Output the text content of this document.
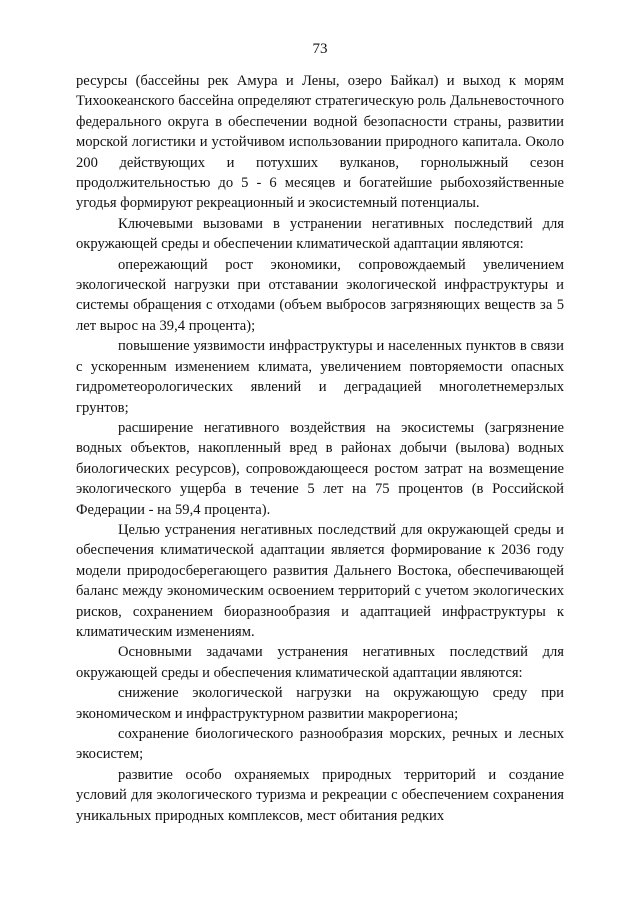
73

ресурсы (бассейны рек Амура и Лены, озеро Байкал) и выход к морям Тихоокеанского бассейна определяют стратегическую роль Дальневосточного федерального округа в обеспечении водной безопасности страны, развитии морской логистики и устойчивом использовании природного капитала. Около 200 действующих и потухших вулканов, горнолыжный сезон продолжительностью до 5 - 6 месяцев и богатейшие рыбохозяйственные угодья формируют рекреационный и экосистемный потенциалы.

Ключевыми вызовами в устранении негативных последствий для окружающей среды и обеспечении климатической адаптации являются:

опережающий рост экономики, сопровождаемый увеличением экологической нагрузки при отставании экологической инфраструктуры и системы обращения с отходами (объем выбросов загрязняющих веществ за 5 лет вырос на 39,4 процента);

повышение уязвимости инфраструктуры и населенных пунктов в связи с ускоренным изменением климата, увеличением повторяемости опасных гидрометеорологических явлений и деградацией многолетнемерзлых грунтов;

расширение негативного воздействия на экосистемы (загрязнение водных объектов, накопленный вред в районах добычи (вылова) водных биологических ресурсов), сопровождающееся ростом затрат на возмещение экологического ущерба в течение 5 лет на 75 процентов (в Российской Федерации - на 59,4 процента).

Целью устранения негативных последствий для окружающей среды и обеспечения климатической адаптации является формирование к 2036 году модели природосберегающего развития Дальнего Востока, обеспечивающей баланс между экономическим освоением территорий с учетом экологических рисков, сохранением биоразнообразия и адаптацией инфраструктуры к климатическим изменениям.

Основными задачами устранения негативных последствий для окружающей среды и обеспечения климатической адаптации являются:

снижение экологической нагрузки на окружающую среду при экономическом и инфраструктурном развитии макрорегиона;

сохранение биологического разнообразия морских, речных и лесных экосистем;

развитие особо охраняемых природных территорий и создание условий для экологического туризма и рекреации с обеспечением сохранения уникальных природных комплексов, мест обитания редких
